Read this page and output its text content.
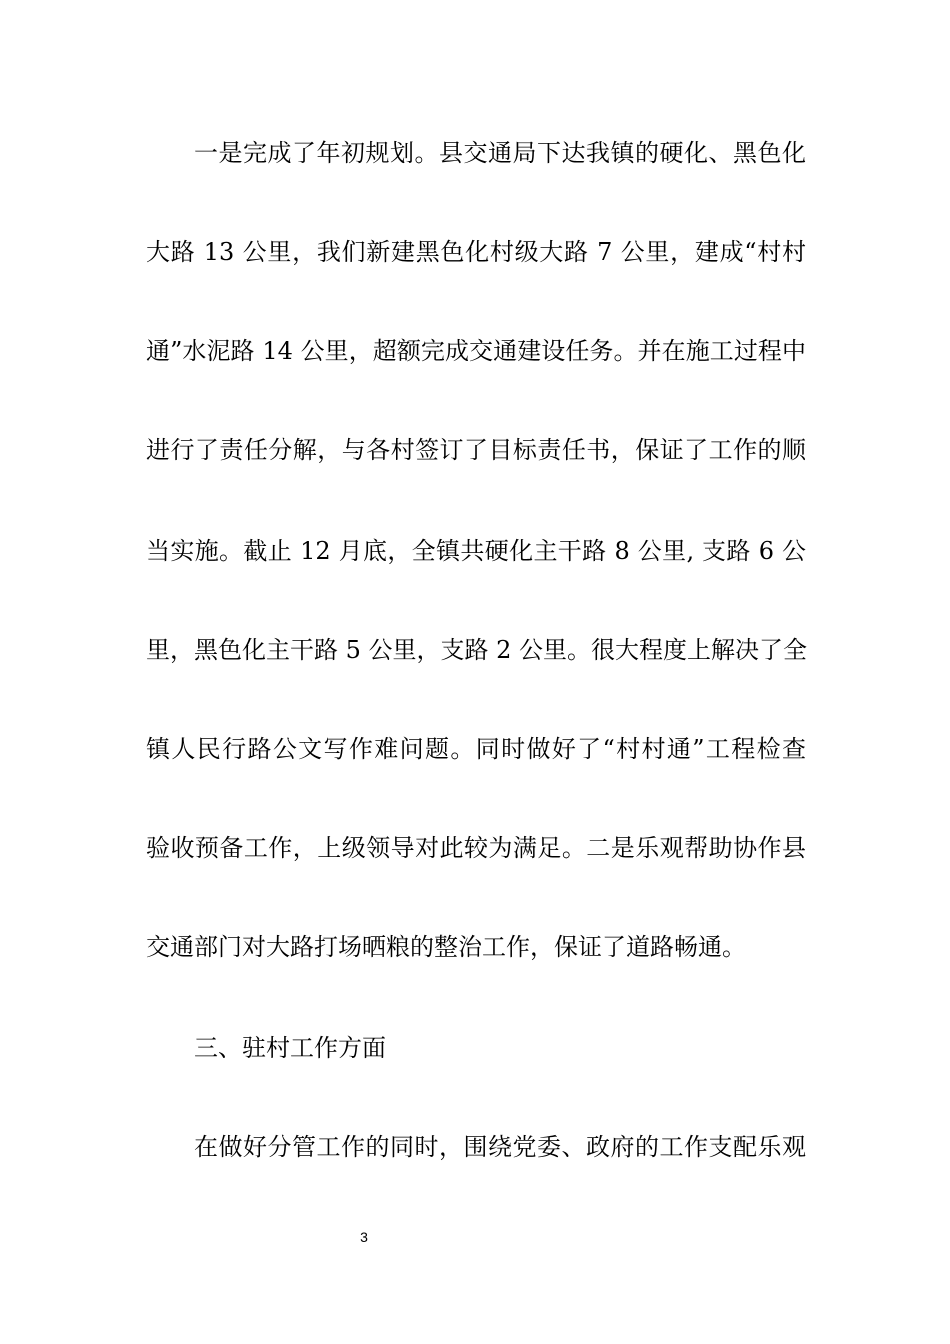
一是完成了年初规划。县交通局下达我镇的硬化、黑色化
大路 13 公里，我们新建黑色化村级大路 7 公里，建成“村村
通”水泥路 14 公里，超额完成交通建设任务。并在施工过程中
进行了责任分解，与各村签订了目标责任书，保证了工作的顺
当实施。截止 12 月底，全镇共硬化主干路 8 公里, 支路 6 公
里，黑色化主干路 5 公里，支路 2 公里。很大程度上解决了全
镇人民行路公文写作难问题。同时做好了“村村通”工程检查
验收预备工作，上级领导对此较为满足。二是乐观帮助协作县
交通部门对大路打场晒粮的整治工作，保证了道路畅通。
三、驻村工作方面
在做好分管工作的同时，围绕党委、政府的工作支配乐观
3
